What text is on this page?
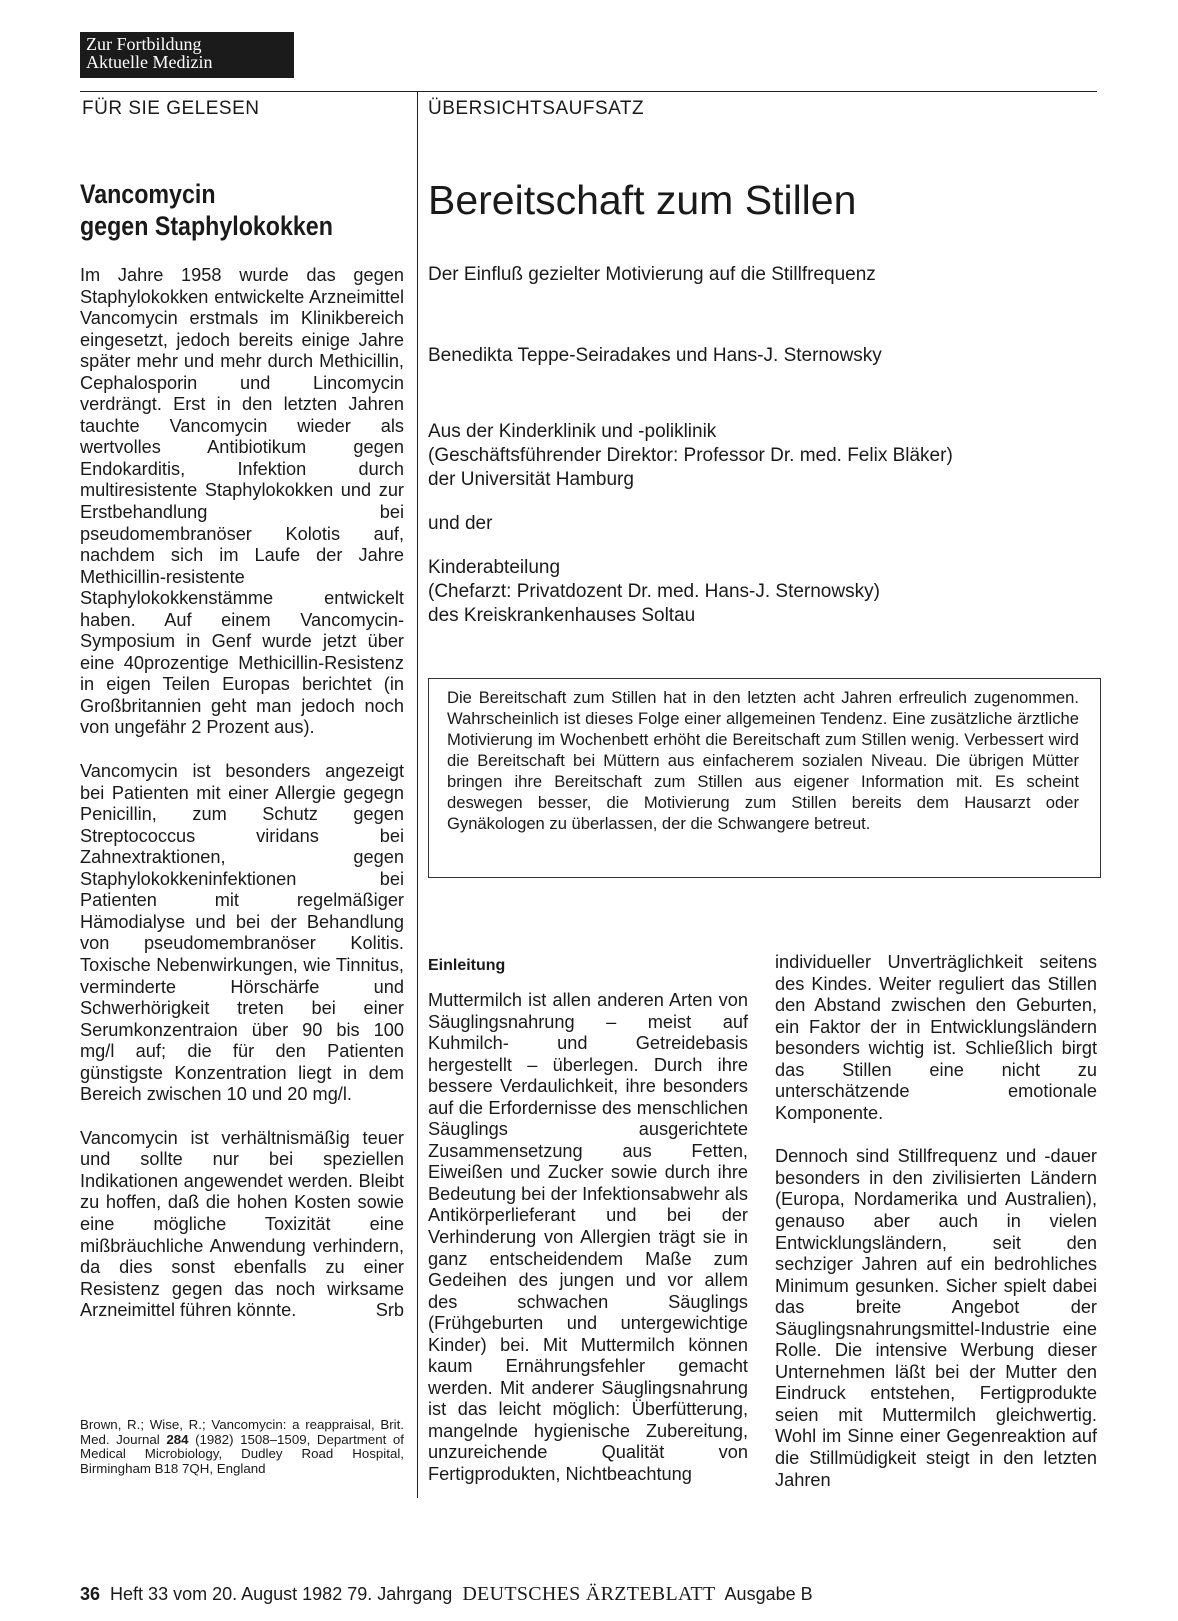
Zur Fortbildung
Aktuelle Medizin
FÜR SIE GELESEN	ÜBERSICHTSAUFSATZ
Vancomycin
gegen Staphylokokken

Im Jahre 1958 wurde das gegen Staphylokokken entwickelte Arzneimittel Vancomycin erstmals im Klinikbereich eingesetzt, jedoch bereits einige Jahre später mehr und mehr durch Methicillin, Cephalosporin und Lincomycin verdrängt. Erst in den letzten Jahren tauchte Vancomycin wieder als wertvolles Antibiotikum gegen Endokarditis, Infektion durch multiresistente Staphylokokken und zur Erstbehandlung bei pseudomembranöser Kolotis auf, nachdem sich im Laufe der Jahre Methicillin-resistente Staphylokokkenstämme entwickelt haben. Auf einem Vancomycin-Symposium in Genf wurde jetzt über eine 40prozentige Methicillin-Resistenz in eigen Teilen Europas berichtet (in Großbritannien geht man jedoch noch von ungefähr 2 Prozent aus).

Vancomycin ist besonders angezeigt bei Patienten mit einer Allergie gegegn Penicillin, zum Schutz gegen Streptococcus viridans bei Zahnextraktionen, gegen Staphylokokkeninfektionen bei Patienten mit regelmäßiger Hämodialyse und bei der Behandlung von pseudomembranöser Kolitis. Toxische Nebenwirkungen, wie Tinnitus, verminderte Hörschärfe und Schwerhörigkeit treten bei einer Serumkonzentraion über 90 bis 100 mg/l auf; die für den Patienten günstigste Konzentration liegt in dem Bereich zwischen 10 und 20 mg/l.

Vancomycin ist verhältnismäßig teuer und sollte nur bei speziellen Indikationen angewendet werden. Bleibt zu hoffen, daß die hohen Kosten sowie eine mögliche Toxizität eine mißbräuchliche Anwendung verhindern, da dies sonst ebenfalls zu einer Resistenz gegen das noch wirksame Arzneimittel führen könnte.	Srb

Brown, R.; Wise, R.; Vancomycin: a reappraisal, Brit. Med. Journal 284 (1982) 1508–1509, Department of Medical Microbiology, Dudley Road Hospital, Birmingham B18 7QH, England

Bereitschaft zum Stillen
Der Einfluß gezielter Motivierung auf die Stillfrequenz
Benedikta Teppe-Seiradakes und Hans-J. Sternowsky

Aus der Kinderklinik und -poliklinik
(Geschäftsführender Direktor: Professor Dr. med. Felix Bläker)
der Universität Hamburg

und der

Kinderabteilung
(Chefarzt: Privatdozent Dr. med. Hans-J. Sternowsky)
des Kreiskrankenhauses Soltau

Die Bereitschaft zum Stillen hat in den letzten acht Jahren erfreulich zugenommen. Wahrscheinlich ist dieses Folge einer allgemeinen Tendenz. Eine zusätzliche ärztliche Motivierung im Wochenbett erhöht die Bereitschaft zum Stillen wenig. Verbessert wird die Bereitschaft bei Müttern aus einfacherem sozialen Niveau. Die übrigen Mütter bringen ihre Bereitschaft zum Stillen aus eigener Information mit. Es scheint deswegen besser, die Motivierung zum Stillen bereits dem Hausarzt oder Gynäkologen zu überlassen, der die Schwangere betreut.
Einleitung

Muttermilch ist allen anderen Arten von Säuglingsnahrung – meist auf Kuhmilch- und Getreidebasis hergestellt – überlegen. Durch ihre bessere Verdaulichkeit, ihre besonders auf die Erfordernisse des menschlichen Säuglings ausgerichtete Zusammensetzung aus Fetten, Eiweißen und Zucker sowie durch ihre Bedeutung bei der Infektionsabwehr als Antikörperlieferant und bei der Verhinderung von Allergien trägt sie in ganz entscheidendem Maße zum Gedeihen des jungen und vor allem des schwachen Säuglings (Frühgeburten und untergewichtige Kinder) bei. Mit Muttermilch können kaum Ernährungsfehler gemacht werden. Mit anderer Säuglingsnahrung ist das leicht möglich: Überfütterung, mangelnde hygienische Zubereitung, unzureichende Qualität von Fertigprodukten, Nichtbeachtung

individueller Unverträglichkeit seitens des Kindes. Weiter reguliert das Stillen den Abstand zwischen den Geburten, ein Faktor der in Entwicklungsländern besonders wichtig ist. Schließlich birgt das Stillen eine nicht zu unterschätzende emotionale Komponente.

Dennoch sind Stillfrequenz und -dauer besonders in den zivilisierten Ländern (Europa, Nordamerika und Australien), genauso aber auch in vielen Entwicklungsländern, seit den sechziger Jahren auf ein bedrohliches Minimum gesunken. Sicher spielt dabei das breite Angebot der Säuglingsnahrungsmittel-Industrie eine Rolle. Die intensive Werbung dieser Unternehmen läßt bei der Mutter den Eindruck entstehen, Fertigprodukte seien mit Muttermilch gleichwertig. Wohl im Sinne einer Gegenreaktion auf die Stillmüdigkeit steigt in den letzten Jahren

36 Heft 33 vom 20. August 1982 79. Jahrgang DEUTSCHES ÄRZTEBLATT Ausgabe B
